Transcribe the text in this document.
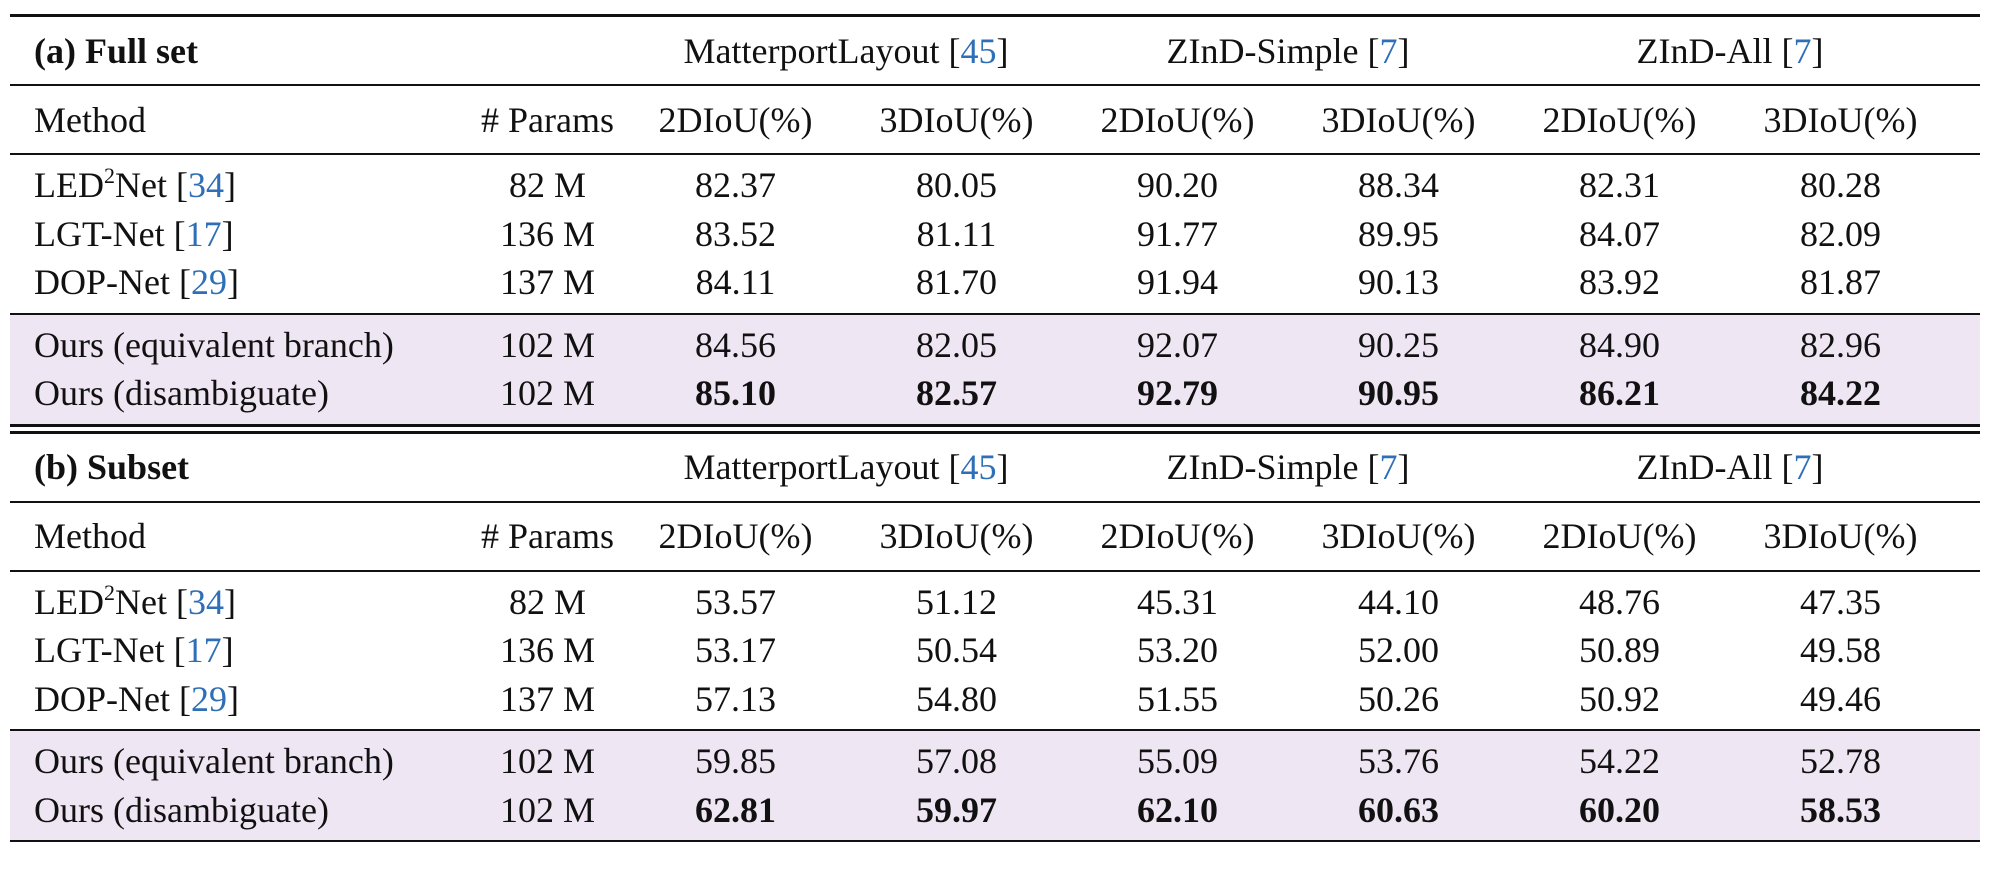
(a) Full set	MatterportLayout [45]	ZInD-Simple [7]	ZInD-All [7]
Method	# Params	2DIoU(%)	3DIoU(%)	2DIoU(%)	3DIoU(%)	2DIoU(%)	3DIoU(%)
LED$^2$Net [34]	82 M	82.37	80.05	90.20	88.34	82.31	80.28
LGT-Net [17]	136 M	83.52	81.11	91.77	89.95	84.07	82.09
DOP-Net [29]	137 M	84.11	81.70	91.94	90.13	83.92	81.87
Ours (equivalent branch)	102 M	84.56	82.05	92.07	90.25	84.90	82.96
Ours (disambiguate)	102 M	85.10	82.57	92.79	90.95	86.21	84.22
(b) Subset	MatterportLayout [45]	ZInD-Simple [7]	ZInD-All [7]
Method	# Params	2DIoU(%)	3DIoU(%)	2DIoU(%)	3DIoU(%)	2DIoU(%)	3DIoU(%)
LED$^2$Net [34]	82 M	53.57	51.12	45.31	44.10	48.76	47.35
LGT-Net [17]	136 M	53.17	50.54	53.20	52.00	50.89	49.58
DOP-Net [29]	137 M	57.13	54.80	51.55	50.26	50.92	49.46
Ours (equivalent branch)	102 M	59.85	57.08	55.09	53.76	54.22	52.78
Ours (disambiguate)	102 M	62.81	59.97	62.10	60.63	60.20	58.53
